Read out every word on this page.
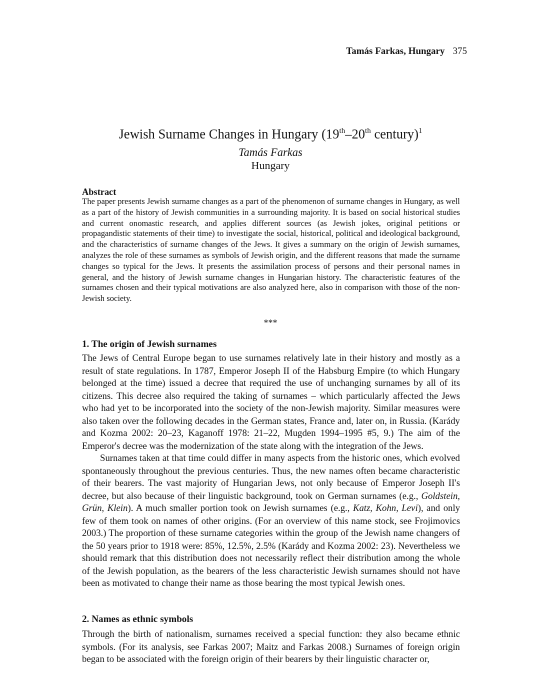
Tamás Farkas, Hungary 375
Jewish Surname Changes in Hungary (19th–20th century)$^1$
Tamás Farkas
Hungary
Abstract
The paper presents Jewish surname changes as a part of the phenomenon of surname changes in Hungary, as well as a part of the history of Jewish communities in a surrounding majority. It is based on social historical studies and current onomastic research, and applies different sources (as Jewish jokes, original petitions or propagandistic statements of their time) to investigate the social, historical, political and ideological background, and the characteristics of surname changes of the Jews. It gives a summary on the origin of Jewish surnames, analyzes the role of these surnames as symbols of Jewish origin, and the different reasons that made the surname changes so typical for the Jews. It presents the assimilation process of persons and their personal names in general, and the history of Jewish surname changes in Hungarian history. The characteristic features of the surnames chosen and their typical motivations are also analyzed here, also in comparison with those of the non-Jewish society.
***
1. The origin of Jewish surnames

The Jews of Central Europe began to use surnames relatively late in their history and mostly as a result of state regulations. In 1787, Emperor Joseph II of the Habsburg Empire (to which Hungary belonged at the time) issued a decree that required the use of unchanging surnames by all of its citizens. This decree also required the taking of surnames – which particularly affected the Jews who had yet to be incorporated into the society of the non-Jewish majority. Similar measures were also taken over the following decades in the German states, France and, later on, in Russia. (Karády and Kozma 2002: 20–23, Kaganoff 1978: 21–22, Mugden 1994–1995 #5, 9.) The aim of the Emperor's decree was the modernization of the state along with the integration of the Jews.

Surnames taken at that time could differ in many aspects from the historic ones, which evolved spontaneously throughout the previous centuries. Thus, the new names often became characteristic of their bearers. The vast majority of Hungarian Jews, not only because of Emperor Joseph II's decree, but also because of their linguistic background, took on German surnames (e.g., Goldstein, Grün, Klein). A much smaller portion took on Jewish surnames (e.g., Katz, Kohn, Levi), and only few of them took on names of other origins. (For an overview of this name stock, see Frojimovics 2003.) The proportion of these surname categories within the group of the Jewish name changers of the 50 years prior to 1918 were: 85%, 12.5%, 2.5% (Karády and Kozma 2002: 23). Nevertheless we should remark that this distribution does not necessarily reflect their distribution among the whole of the Jewish population, as the bearers of the less characteristic Jewish surnames should not have been as motivated to change their name as those bearing the most typical Jewish ones.

2. Names as ethnic symbols

Through the birth of nationalism, surnames received a special function: they also became ethnic symbols. (For its analysis, see Farkas 2007; Maitz and Farkas 2008.) Surnames of foreign origin began to be associated with the foreign origin of their bearers by their linguistic character or,
